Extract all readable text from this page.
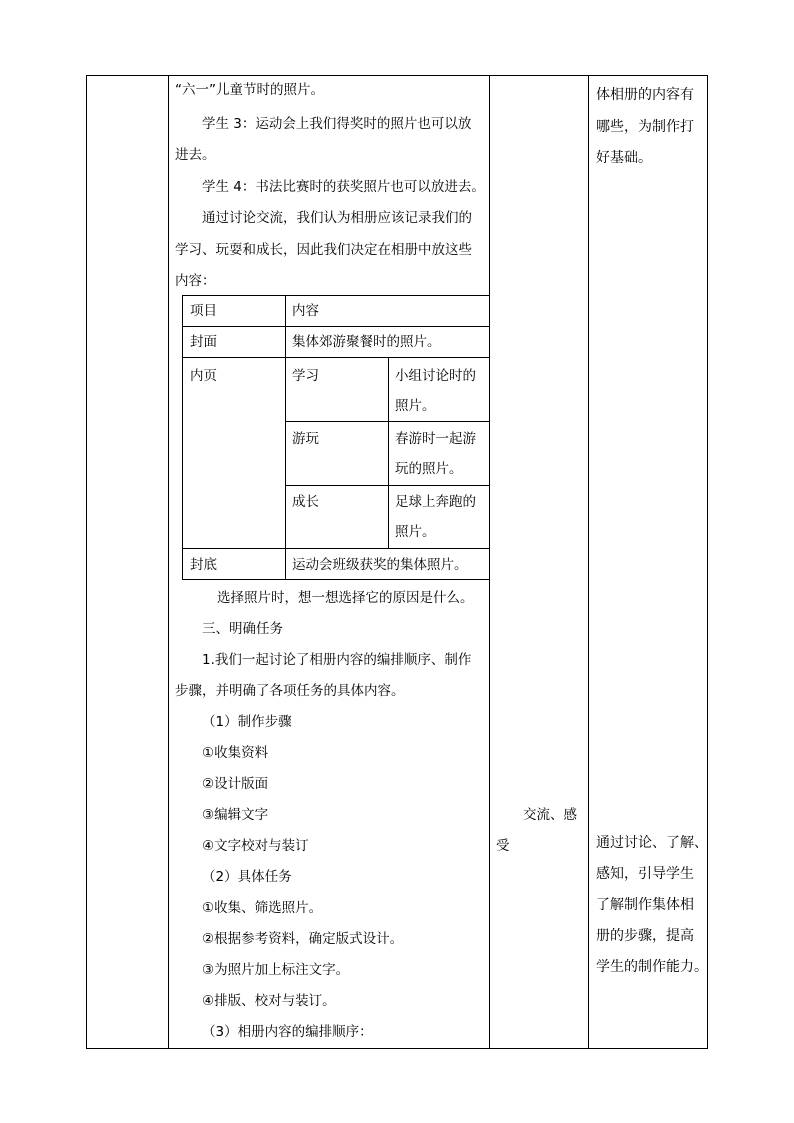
“六一”儿童节时的照片。
学生 3：运动会上我们得奖时的照片也可以放
进去。
学生 4：书法比赛时的获奖照片也可以放进去。
通过讨论交流，我们认为相册应该记录我们的
学习、玩耍和成长，因此我们决定在相册中放这些
内容：
项目	内容
封面	集体郊游聚餐时的照片。
内页	学习	小组讨论时的
照片。
游玩	春游时一起游
玩的照片。
成长	足球上奔跑的
照片。
封底	运动会班级获奖的集体照片。
选择照片时，想一想选择它的原因是什么。
三、明确任务
1.我们一起讨论了相册内容的编排顺序、制作
步骤，并明确了各项任务的具体内容。
（1）制作步骤
①收集资料
②设计版面
③编辑文字
④文字校对与装订
（2）具体任务
①收集、筛选照片。
②根据参考资料，确定版式设计。
③为照片加上标注文字。
④排版、校对与装订。
（3）相册内容的编排顺序：
交流、感
受
体相册的内容有
哪些，为制作打
好基础。
通过讨论、了解、
感知，引导学生
了解制作集体相
册的步骤，提高
学生的制作能力。
